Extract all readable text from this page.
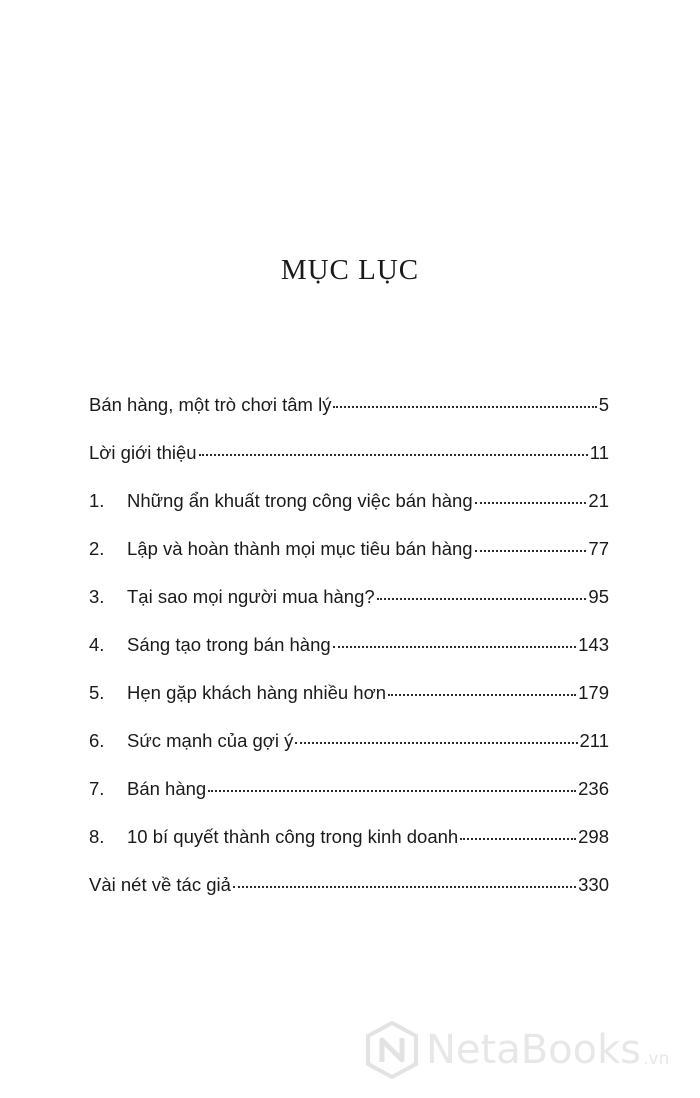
MỤC LỤC
Bán hàng, một trò chơi tâm lý	5
Lời giới thiệu	11
1.	Những ẩn khuất trong công việc bán hàng	21
2.	Lập và hoàn thành mọi mục tiêu bán hàng	77
3.	Tại sao mọi người mua hàng?	95
4.	Sáng tạo trong bán hàng	143
5.	Hẹn gặp khách hàng nhiều hơn	179
6.	Sức mạnh của gợi ý	211
7.	Bán hàng	236
8.	10 bí quyết thành công trong kinh doanh	298
Vài nét về tác giả	330
NetaBooks .vn
